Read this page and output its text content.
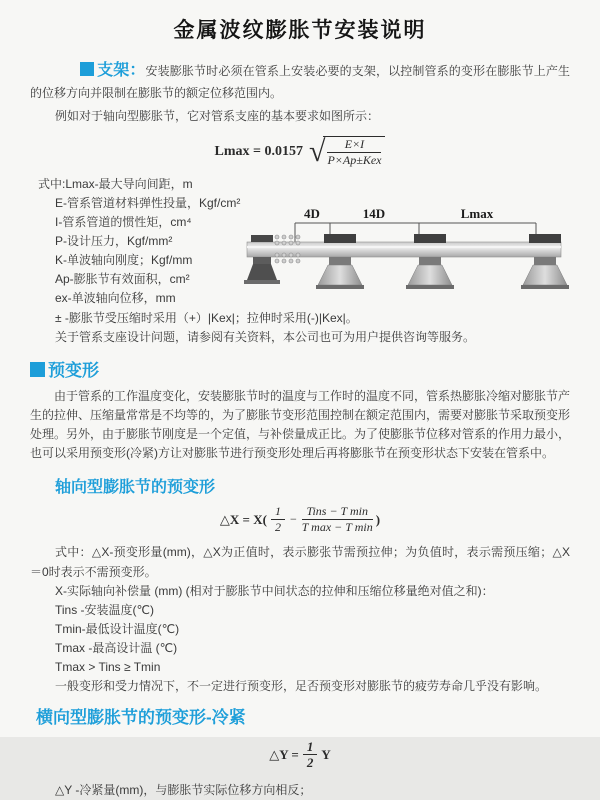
金属波纹膨胀节安装说明

支架：安装膨胀节时必须在管系上安装必要的支架，以控制管系的变形在膨胀节上产生的位移方向并限制在膨胀节的额定位移范围内。

例如对于轴向型膨胀节，它对管系支座的基本要求如图所示：

Lmax = 0.0157 √ $\frac{E\times I}{\text{P×Ap±Kex}}$
式中:Lmax-最大导向间距，m
E-管系管道材料弹性投量，Kgf/cm²
I-管系管道的惯性矩，cm⁴
P-设计压力，Kgf/mm²
K-单波轴向刚度；Kgf/mm
Ap-膨胀节有效面积，cm²
ex-单波轴向位移，mm
4D	14D	Lmax
± -膨胀节受压缩时采用（+）|Kex|；拉伸时采用(-)|Kex|。
关于管系支座设计问题，请参阅有关资料，本公司也可为用户提供咨询等服务。
预变形

由于管系的工作温度变化，安装膨胀节时的温度与工作时的温度不同，管系热膨胀冷缩对膨胀节产生的拉伸、压缩量常常是不均等的，为了膨胀节变形范围控制在额定范围内，需要对膨胀节采取预变形处理。另外，由于膨胀节刚度是一个定值，与补偿量成正比。为了使膨胀节位移对管系的作用力最小，也可以采用预变形(冷紧)方让对膨胀节进行预变形处理后再将膨胀节在预变形状态下安装在管系中。

轴向型膨胀节的预变形
△X = $X( \frac{1}{2} - \frac{\text{Tins − T min}}{\text{T max − T min}}$ )

式中：△X-预变形量(mm)，△X为正值时，表示膨张节需预拉伸；为负值时，表示需预压缩；△X＝0时表示不需预变形。

X-实际轴向补偿量 (mm) (相对于膨胀节中间状态的拉伸和压缩位移量绝对值之和)：
Tins -安装温度(℃)
Tmin-最低设计温度(℃)
Tmax -最高设计温 (℃)
Tmax > Tins ≥ Tmin
一般变形和受力情况下，不一定进行预变形，足否预变形对膨胀节的疲劳寿命几乎没有影响。
横向型膨胀节的预变形-冷紧
△Y = $\frac{1}{2}$ Y
△Y -冷紧量(mm)，与膨胀节实际位移方向相反；
